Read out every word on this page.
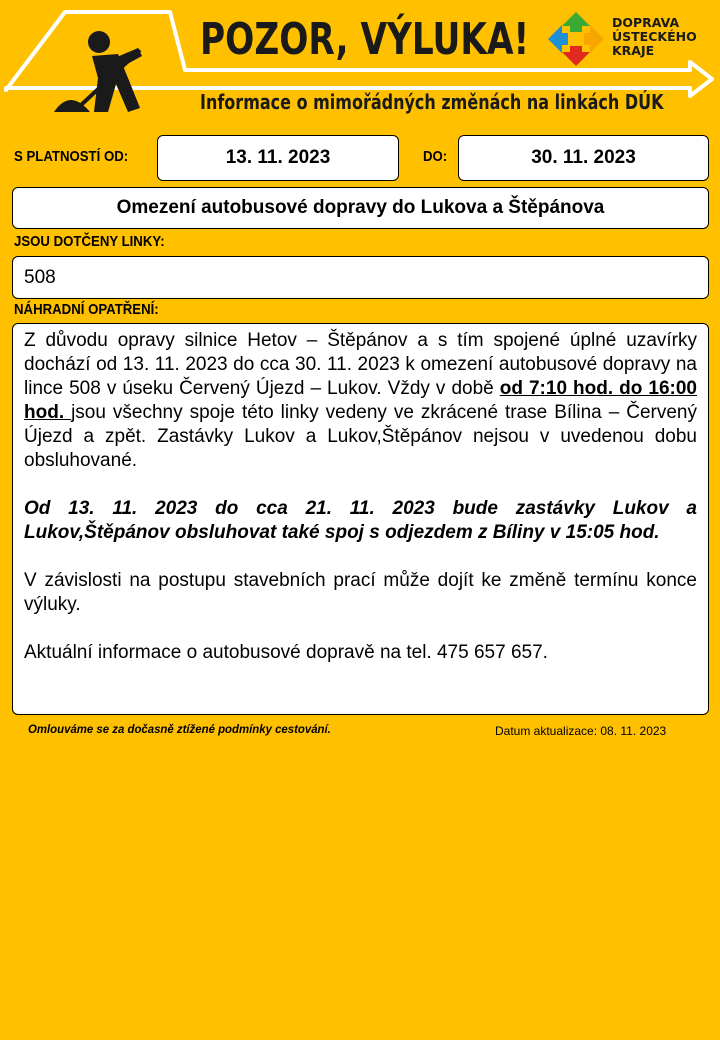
POZOR, VÝLUKA!
Informace o mimořádných změnách na linkách DÚK
DOPRAVA
ÚSTECKÉHO
KRAJE
S PLATNOSTÍ OD:	13. 11. 2023	DO:	30. 11. 2023
Omezení autobusové dopravy do Lukova a Štěpánova
JSOU DOTČENY LINKY:
508
NÁHRADNÍ OPATŘENÍ:

Z důvodu opravy silnice Hetov – Štěpánov a s tím spojené úplné uzavírky dochází od 13. 11. 2023 do cca 30. 11. 2023 k omezení autobusové dopravy na lince 508 v úseku Červený Újezd – Lukov. Vždy v době od 7:10 hod. do 16:00 hod. jsou všechny spoje této linky vedeny ve zkrácené trase Bílina – Červený Újezd a zpět. Zastávky Lukov a Lukov,Štěpánov nejsou v uvedenou dobu obsluhované.

Od 13. 11. 2023 do cca 21. 11. 2023 bude zastávky Lukov a Lukov,Štěpánov obsluhovat také spoj s odjezdem z Bíliny v 15:05 hod.

V závislosti na postupu stavebních prací může dojít ke změně termínu konce výluky.

Aktuální informace o autobusové dopravě na tel. 475 657 657.

Omlouváme se za dočasně ztížené podmínky cestování.	Datum aktualizace: 08. 11. 2023
